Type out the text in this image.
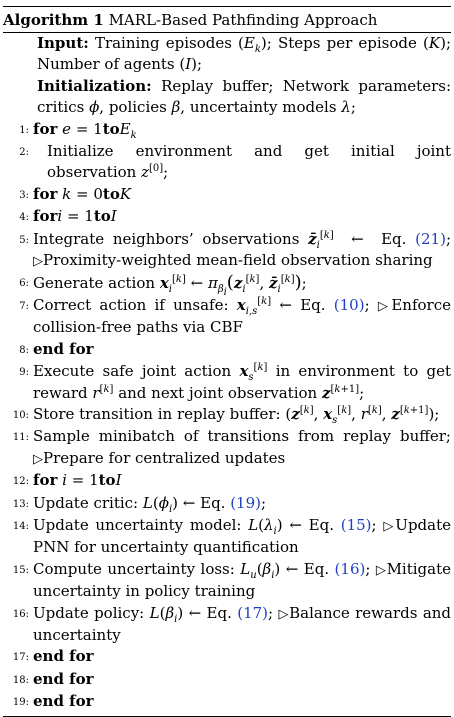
Algorithm 1 MARL-Based Pathfinding Approach
Input: Training episodes $(E_k)$; Steps per episode (K); Number of agents (I);
Initialization: Replay buffer; Network parameters: critics ϕ, policies β, uncertainty models λ;
1: for e = 1toE$_k$
2:	Initialize environment and get initial joint observation z[0];
3: for k = 0toK
4: fori = 1toI
5: Integrate neighbors’ observations $z̄_i[k]$  ←  Eq. (21); ▷Proximity-weighted mean-field observation sharing
6: Generate action $x_i[k]$ ← $\pi_{\beta_i}(z_i[k]$, $z̄_i[k]$);
7: Correct action if unsafe: $x_{i,s}[k]$ ← Eq. (10); ▷Enforce collision-free paths via CBF
8: end for
9: Execute safe joint action $x_s[k]$ in environment to get reward r[k] and next joint observation z[k+1];
10: Store transition in replay buffer: (z[k], $x_s[k]$, r[k], z[k+1]);
11: Sample minibatch of transitions from replay buffer; ▷Prepare for centralized updates
12: for i = 1toI
13: Update critic: $L(\phi_i)$ ← Eq. (19);
14: Update uncertainty model: $L(\lambda_i)$ ← Eq. (15); ▷Update PNN for uncertainty quantification
15: Compute uncertainty loss: $L_u(\beta_i)$ ← Eq. (16); ▷Mitigate uncertainty in policy training
16: Update policy: $L(\beta_i)$ ← Eq. (17); ▷Balance rewards and uncertainty
17: end for
18: end for
19: end for
